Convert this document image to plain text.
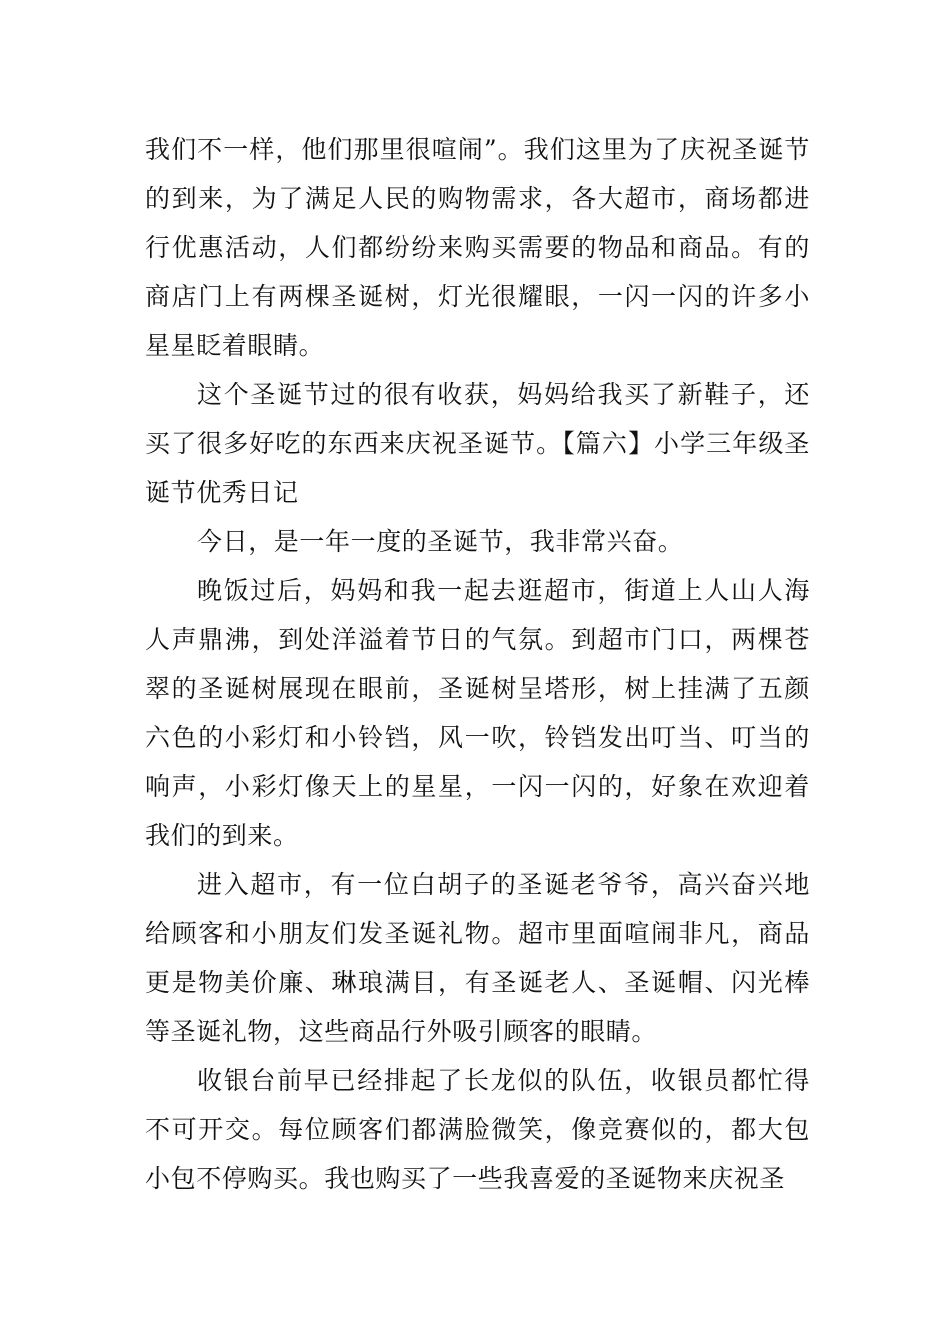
我们不一样，他们那里很喧闹”。我们这里为了庆祝圣诞节的到来，为了满足人民的购物需求，各大超市，商场都进行优惠活动，人们都纷纷来购买需要的物品和商品。有的商店门上有两棵圣诞树，灯光很耀眼，一闪一闪的许多小星星眨着眼睛。

这个圣诞节过的很有收获，妈妈给我买了新鞋子，还买了很多好吃的东西来庆祝圣诞节。【篇六】小学三年级圣诞节优秀日记

今日，是一年一度的圣诞节，我非常兴奋。

晚饭过后，妈妈和我一起去逛超市，街道上人山人海人声鼎沸，到处洋溢着节日的气氛。到超市门口，两棵苍翠的圣诞树展现在眼前，圣诞树呈塔形，树上挂满了五颜六色的小彩灯和小铃铛，风一吹，铃铛发出叮当、叮当的响声，小彩灯像天上的星星，一闪一闪的，好象在欢迎着我们的到来。

进入超市，有一位白胡子的圣诞老爷爷，高兴奋兴地给顾客和小朋友们发圣诞礼物。超市里面喧闹非凡，商品更是物美价廉、琳琅满目，有圣诞老人、圣诞帽、闪光棒等圣诞礼物，这些商品行外吸引顾客的眼睛。

收银台前早已经排起了长龙似的队伍，收银员都忙得不可开交。每位顾客们都满脸微笑，像竞赛似的，都大包小包不停购买。我也购买了一些我喜爱的圣诞物来庆祝圣
